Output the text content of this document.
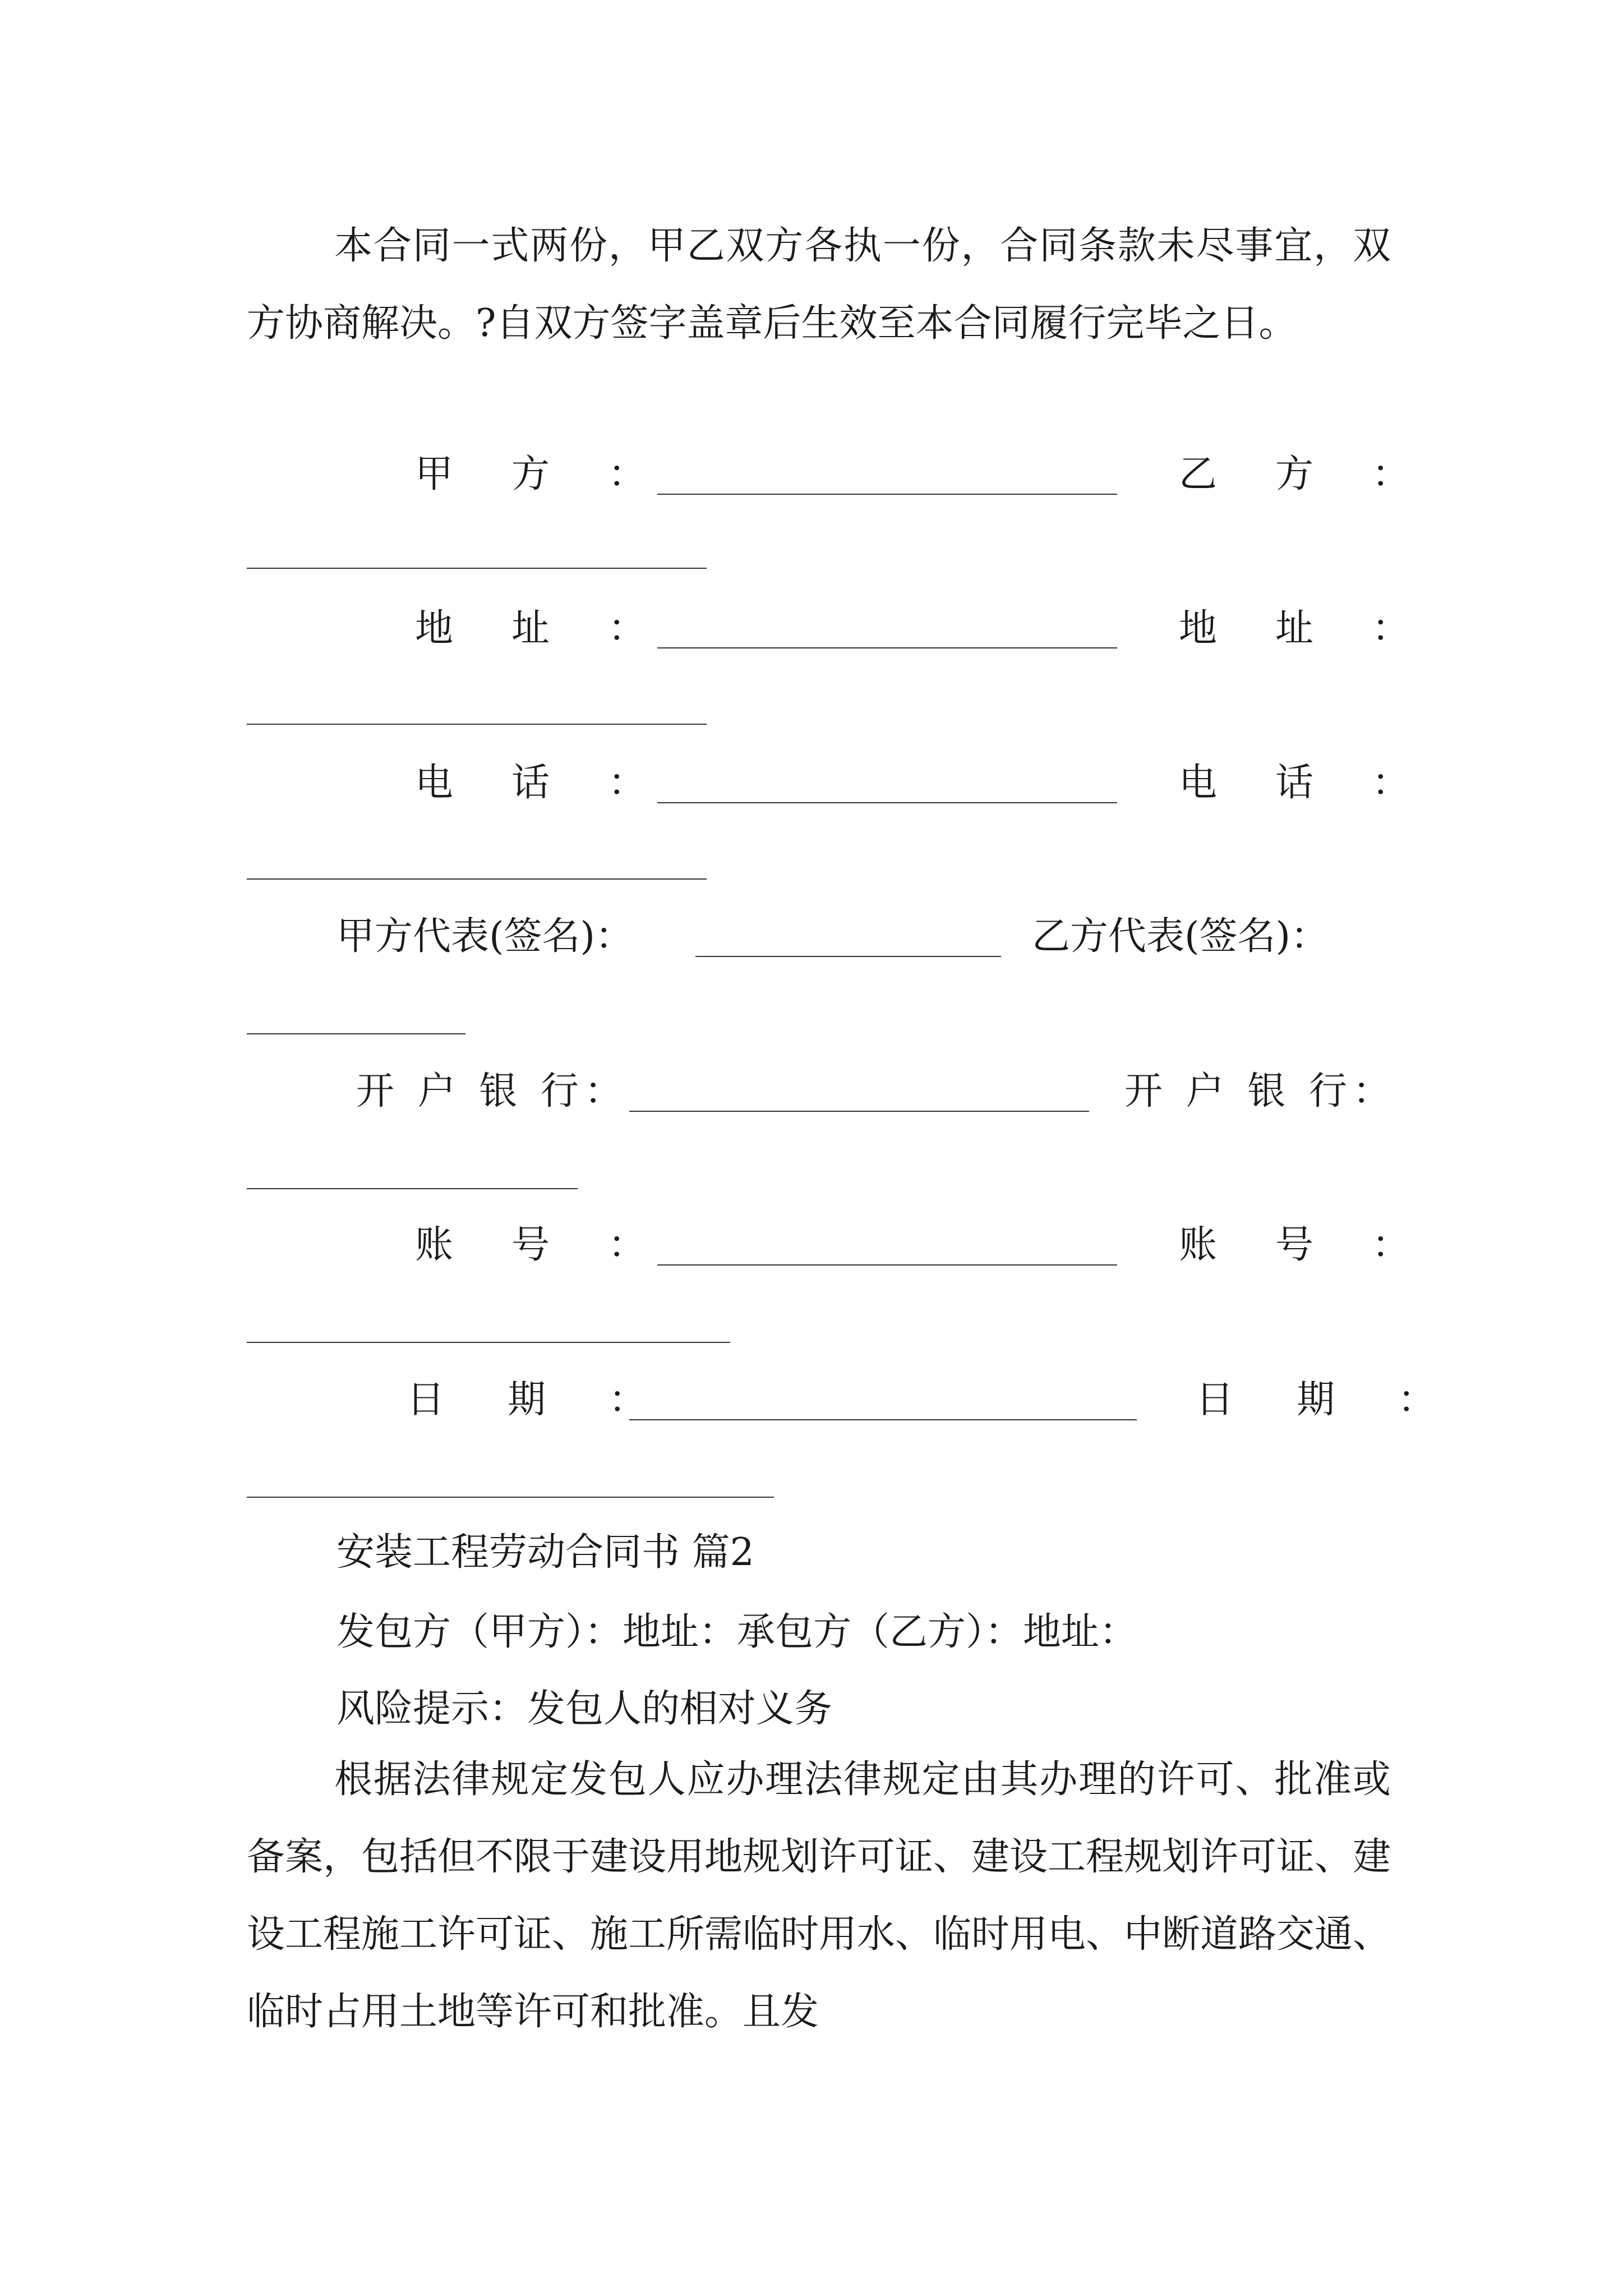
本合同一式两份，甲乙双方各执一份，合同条款未尽事宜，双方协商解决。?自双方签字盖章后生效至本合同履行完毕之日。
甲　方　：	乙　方　：
地　址　：	地　址　：
电　话　：	电　话　：
甲方代表(签名)：	乙方代表(签名)：
开 户 银 行：	开 户 银 行：
账　号　：	账　号　：
日　期　：	日　期　：
安装工程劳动合同书 篇2
发包方（甲方）：地址：承包方（乙方）：地址：
风险提示：发包人的相对义务
根据法律规定发包人应办理法律规定由其办理的许可、批准或备案，包括但不限于建设用地规划许可证、建设工程规划许可证、建设工程施工许可证、施工所需临时用水、临时用电、中断道路交通、临时占用土地等许可和批准。且发
